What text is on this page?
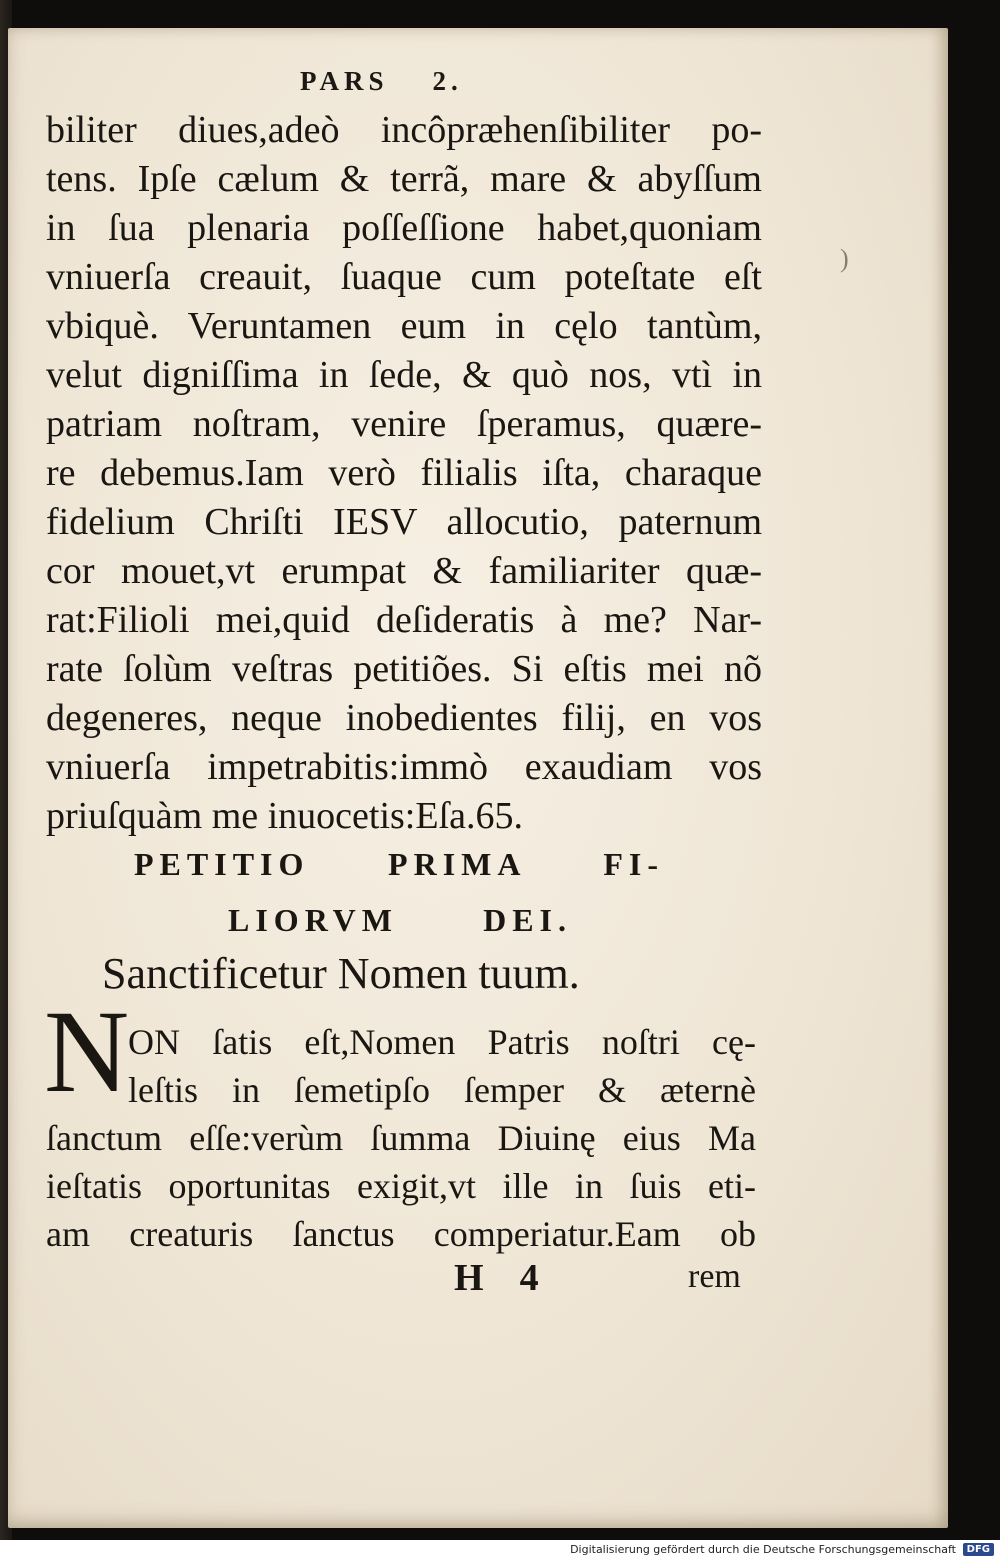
PARS 2.
biliter diues,adeò incôpræhenſibiliter po-
tens. Ipſe cælum & terrã, mare & abyſſum
in ſua plenaria poſſeſſione habet,quoniam
vniuerſa creauit, ſuaque cum poteſtate eſt
vbiquè. Veruntamen eum in cęlo tantùm,
velut digniſſima in ſede, & quò nos, vtì in
patriam noſtram, venire ſperamus, quære-
re debemus.Iam verò filialis iſta, charaque
fidelium Chriſti IESV allocutio, paternum
cor mouet,vt erumpat & familiariter quæ-
rat:Filioli mei,quid deſideratis à me? Nar-
rate ſolùm veſtras petitiões. Si eſtis mei nõ
degeneres, neque inobedientes filij, en vos
vniuerſa impetrabitis:immò exaudiam vos
priuſquàm me inuocetis:Eſa.65.
)
PETITIO PRIMA FI-
LIORVM DEI.
Sanctificetur Nomen tuum.
N
ON ſatis eſt,Nomen Patris noſtri cę-
leſtis in ſemetipſo ſemper & æternè
ſanctum eſſe:verùm ſumma Diuinę eius Ma
ieſtatis oportunitas exigit,vt ille in ſuis eti-
am creaturis ſanctus comperiatur.Eam ob
H 4	rem
Digitalisierung gefördert durch die Deutsche Forschungsgemeinschaft	DFG
